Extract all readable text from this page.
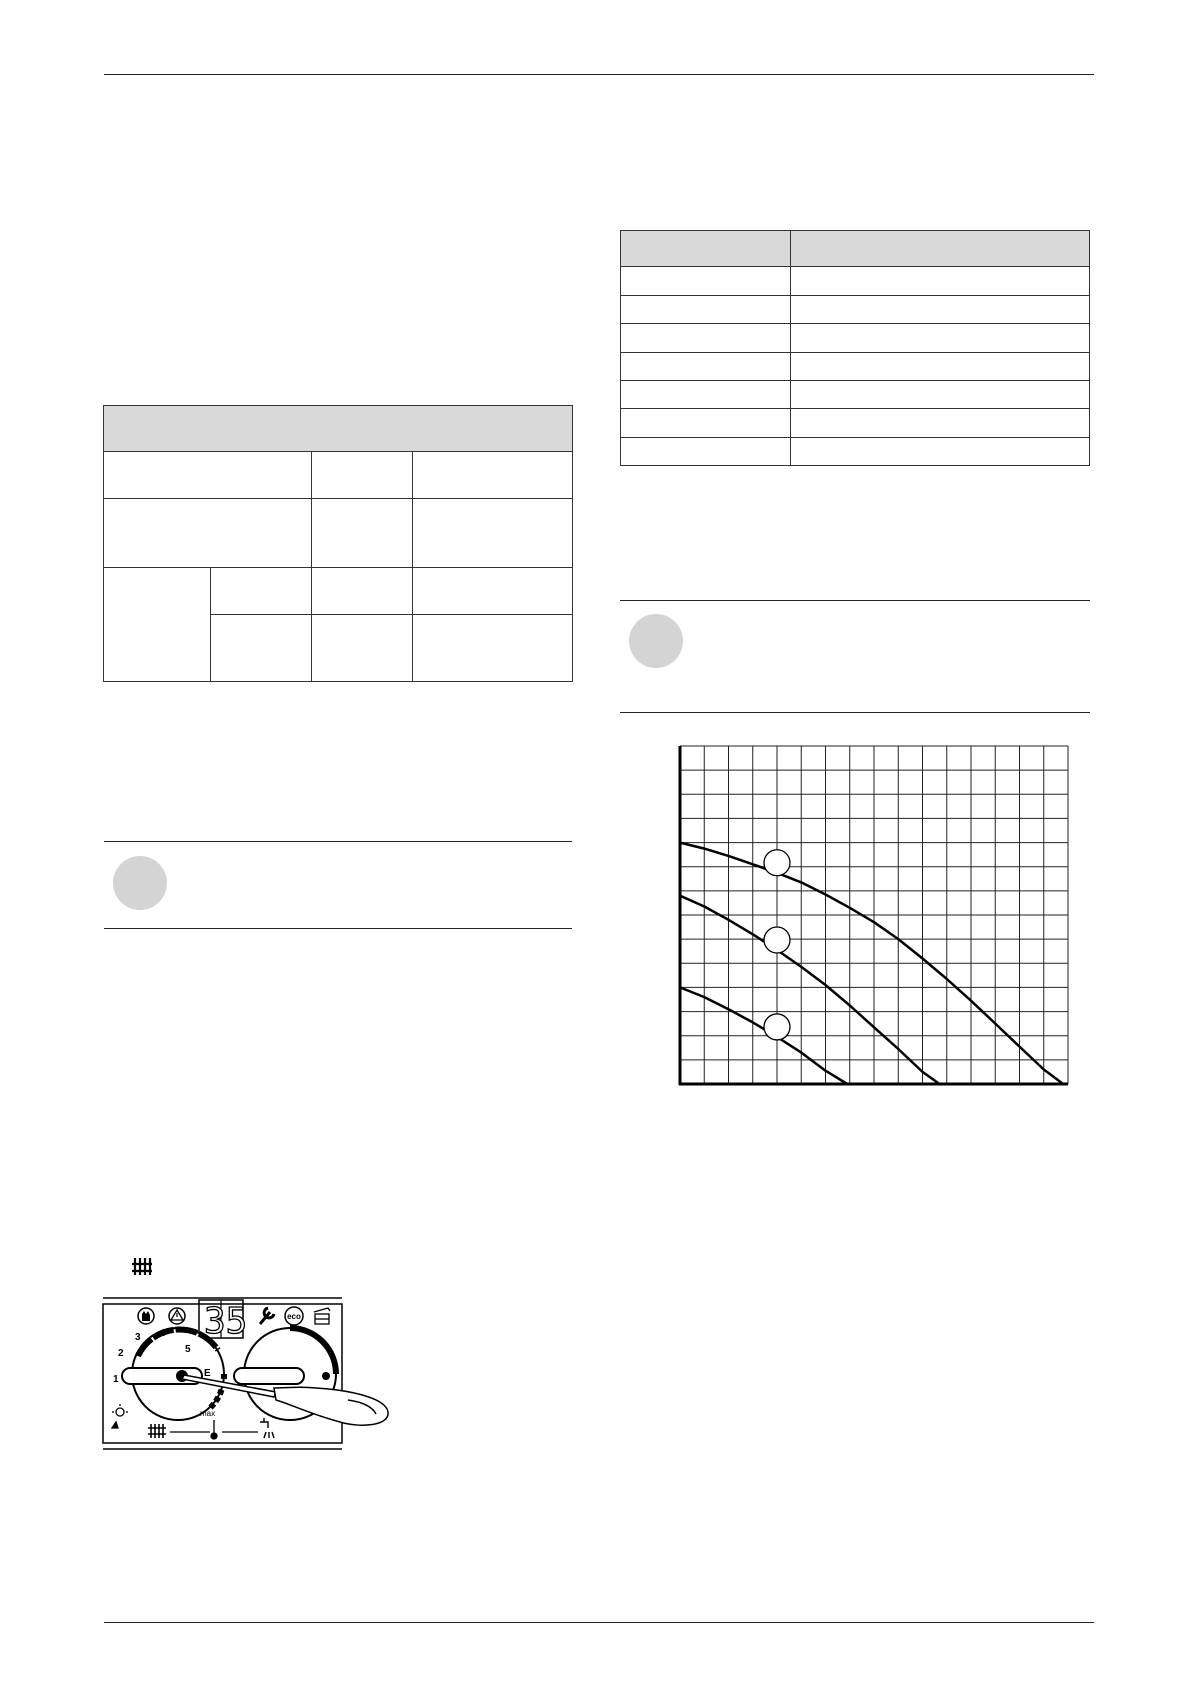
35	eco
1
2
3 4
5
E
max
